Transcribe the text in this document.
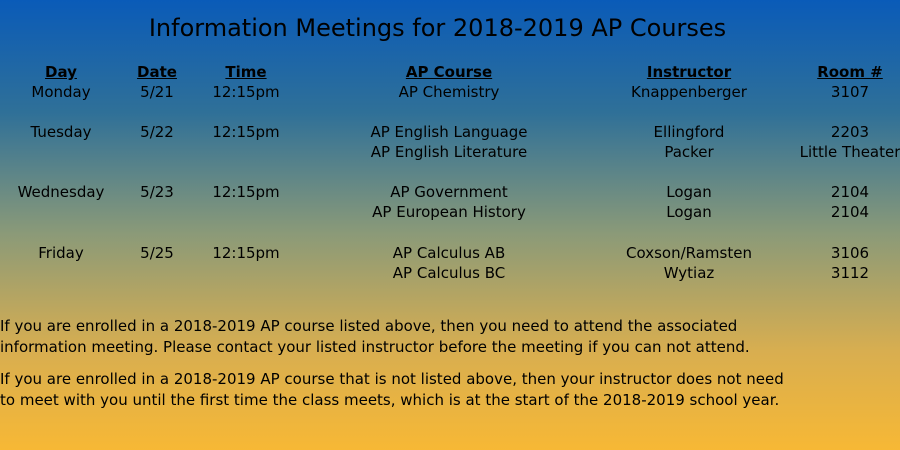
Information Meetings for 2018-2019 AP Courses
Day	Date	Time	AP Course	Instructor	Room #
Monday	5/21	12:15pm	AP Chemistry	Knappenberger	3107
Tuesday	5/22	12:15pm	AP English Language	Ellingford	2203
AP English Literature	Packer	Little Theater
Wednesday 5/23	12:15pm	AP Government	Logan	2104
AP European History	Logan	2104
Friday	5/25	12:15pm	AP Calculus AB	Coxson/Ramsten	3106
AP Calculus BC	Wytiaz	3112

If you are enrolled in a 2018-2019 AP course listed above, then you need to attend the associated
information meeting. Please contact your listed instructor before the meeting if you can not attend.

If you are enrolled in a 2018-2019 AP course that is not listed above, then your instructor does not need
to meet with you until the first time the class meets, which is at the start of the 2018-2019 school year.
